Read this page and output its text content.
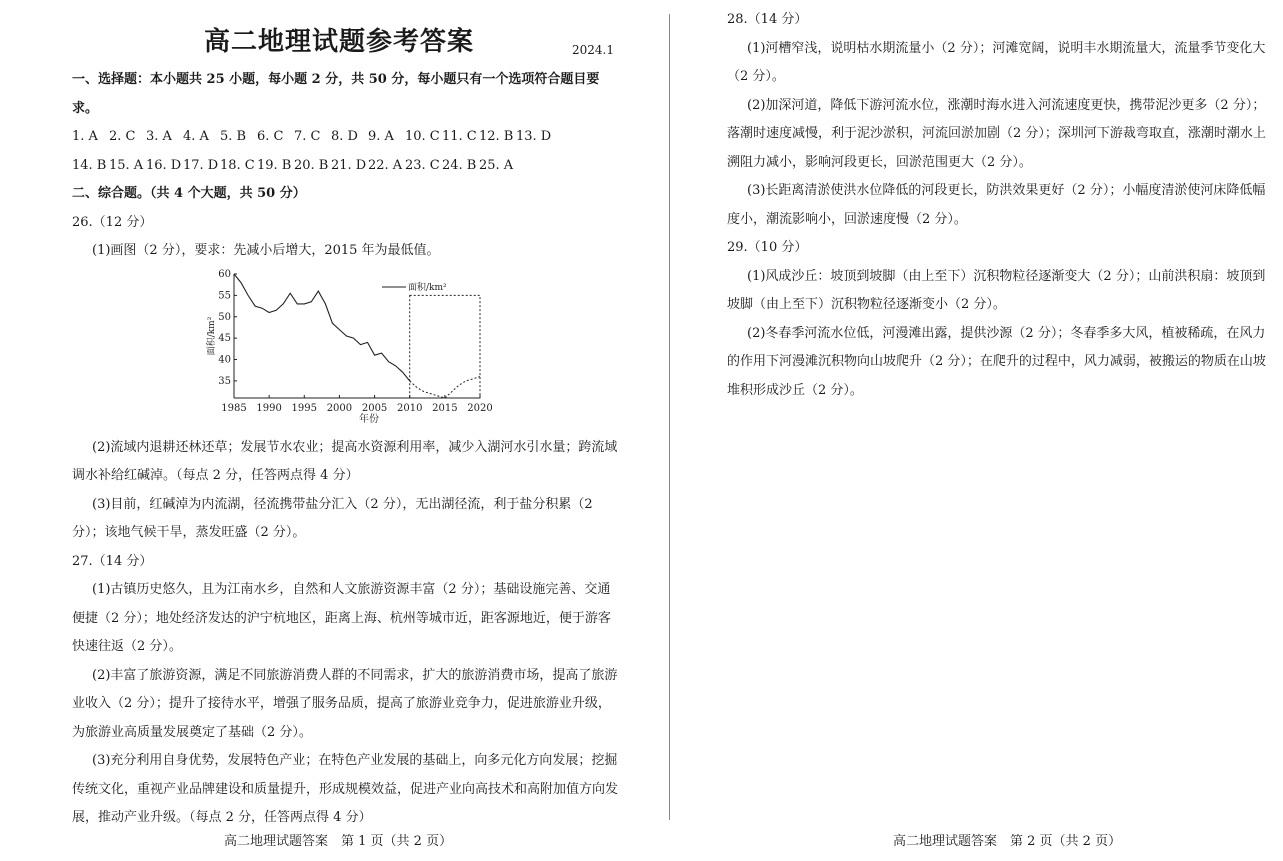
高二地理试题参考答案	2024.1

一、选择题：本小题共 25 小题，每小题 2 分，共 50 分，每小题只有一个选项符合题目要求。

1. A 2. C 3. A 4. A 5. B 6. C 7. C 8. D 9. A 10. C 11. C 12. B 13. D
14. B 15. A 16. D 17. D 18. C 19. B 20. B 21. D 22. A 23. C 24. B 25. A

二、综合题。（共 4 个大题，共 50 分）

26.（12 分）

(1)画图（2 分），要求：先减小后增大，2015 年为最低值。

1985 1990 1995 2000 2005 2010 2015 2020
35
40
45
50
55
60
面积/km²
年份
面积/km²

(2)流域内退耕还林还草；发展节水农业；提高水资源利用率，减少入湖河水引水量；跨流域调水补给红碱淖。（每点 2 分，任答两点得 4 分）

(3)目前，红碱淖为内流湖，径流携带盐分汇入（2 分），无出湖径流，利于盐分积累（2 分）；该地气候干旱，蒸发旺盛（2 分）。

27.（14 分）

(1)古镇历史悠久，且为江南水乡，自然和人文旅游资源丰富（2 分）；基础设施完善、交通便捷（2 分）；地处经济发达的沪宁杭地区，距离上海、杭州等城市近，距客源地近，便于游客快速往返（2 分）。

(2)丰富了旅游资源，满足不同旅游消费人群的不同需求，扩大的旅游消费市场，提高了旅游业收入（2 分）；提升了接待水平，增强了服务品质，提高了旅游业竞争力，促进旅游业升级，为旅游业高质量发展奠定了基础（2 分）。

(3)充分利用自身优势，发展特色产业；在特色产业发展的基础上，向多元化方向发展；挖掘传统文化，重视产业品牌建设和质量提升，形成规模效益，促进产业向高技术和高附加值方向发展，推动产业升级。（每点 2 分，任答两点得 4 分）

28.（14 分）

(1)河槽窄浅，说明枯水期流量小（2 分）；河滩宽阔，说明丰水期流量大，流量季节变化大（2 分）。

(2)加深河道，降低下游河流水位，涨潮时海水进入河流速度更快，携带泥沙更多（2 分）；落潮时速度减慢，利于泥沙淤积，河流回淤加剧（2 分）；深圳河下游裁弯取直，涨潮时潮水上溯阻力减小，影响河段更长，回淤范围更大（2 分）。

(3)长距离清淤使洪水位降低的河段更长，防洪效果更好（2 分）；小幅度清淤使河床降低幅度小，潮流影响小，回淤速度慢（2 分）。

29.（10 分）

(1)风成沙丘：坡顶到坡脚（由上至下）沉积物粒径逐渐变大（2 分）；山前洪积扇：坡顶到坡脚（由上至下）沉积物粒径逐渐变小（2 分）。

(2)冬春季河流水位低，河漫滩出露，提供沙源（2 分）；冬春季多大风，植被稀疏，在风力的作用下河漫滩沉积物向山坡爬升（2 分）；在爬升的过程中，风力减弱，被搬运的物质在山坡堆积形成沙丘（2 分）。

高二地理试题答案　第 1 页（共 2 页）	高二地理试题答案　第 2 页（共 2 页）
